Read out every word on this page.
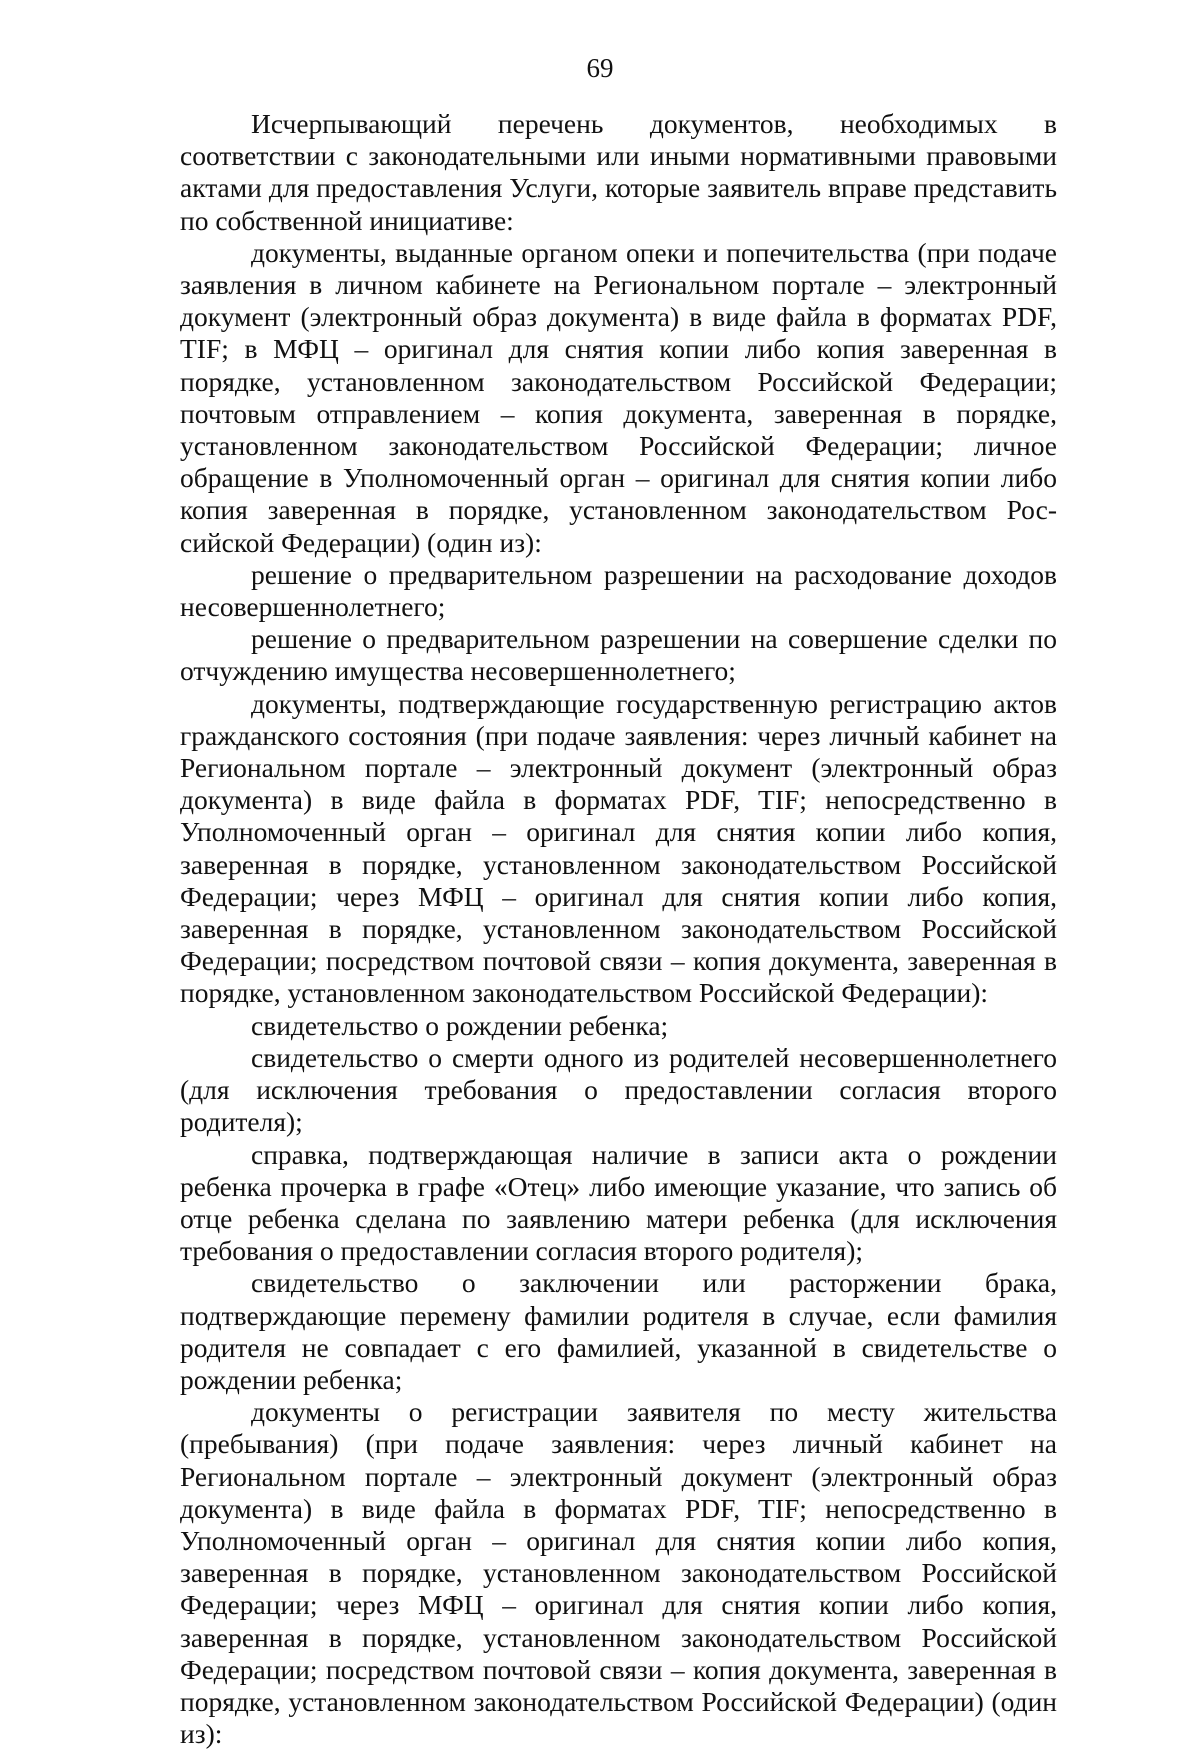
69

Исчерпывающий перечень документов, необходимых в соответствии с законодательными или иными нормативными правовыми актами для предоставления Услуги, которые заявитель вправе представить по собственной инициативе:

документы, выданные органом опеки и попечительства (при подаче заявления в личном кабинете на Региональном портале – электронный документ (электронный образ документа) в виде файла в форматах PDF, TIF; в МФЦ – оригинал для снятия копии либо копия заверенная в порядке, установленном законодательством Российской Федерации; почтовым отправлением – копия документа, заверенная в порядке, установленном законодательством Российской Федерации; личное обращение в Уполномоченный орган – оригинал для снятия копии либо копия заверенная в порядке, установленном законодательством Российской Федерации) (один из):

решение о предварительном разрешении на расходование доходов несовершеннолетнего;

решение о предварительном разрешении на совершение сделки по отчуждению имущества несовершеннолетнего;

документы, подтверждающие государственную регистрацию актов гражданского состояния (при подаче заявления: через личный кабинет на Региональном портале – электронный документ (электронный образ документа) в виде файла в форматах PDF, TIF; непосредственно в Уполномоченный орган – оригинал для снятия копии либо копия, заверенная в порядке, установленном законодательством Российской Федерации; через МФЦ – оригинал для снятия копии либо копия, заверенная в порядке, установленном законодательством Российской Федерации; посредством почтовой связи – копия документа, заверенная в порядке, установленном законодательством Российской Федерации):

свидетельство о рождении ребенка;

свидетельство о смерти одного из родителей несовершеннолетнего (для исключения требования о предоставлении согласия второго родителя);

справка, подтверждающая наличие в записи акта о рождении ребенка прочерка в графе «Отец» либо имеющие указание, что запись об отце ребенка сделана по заявлению матери ребенка (для исключения требования о предоставлении согласия второго родителя);

свидетельство о заключении или расторжении брака, подтверждающие перемену фамилии родителя в случае, если фамилия родителя не совпадает с его фамилией, указанной в свидетельстве о рождении ребенка;

документы о регистрации заявителя по месту жительства (пребывания) (при подаче заявления: через личный кабинет на Региональном портале – электронный документ (электронный образ документа) в виде файла в форматах PDF, TIF; непосредственно в Уполномоченный орган – оригинал для снятия копии либо копия, заверенная в порядке, установленном законодательством Российской Федерации; через МФЦ – оригинал для снятия копии либо копия, заверенная в порядке, установленном законодательством Российской Федерации; посредством почтовой связи – копия документа, заверенная в порядке, установленном законодательством Российской Федерации) (один из):
